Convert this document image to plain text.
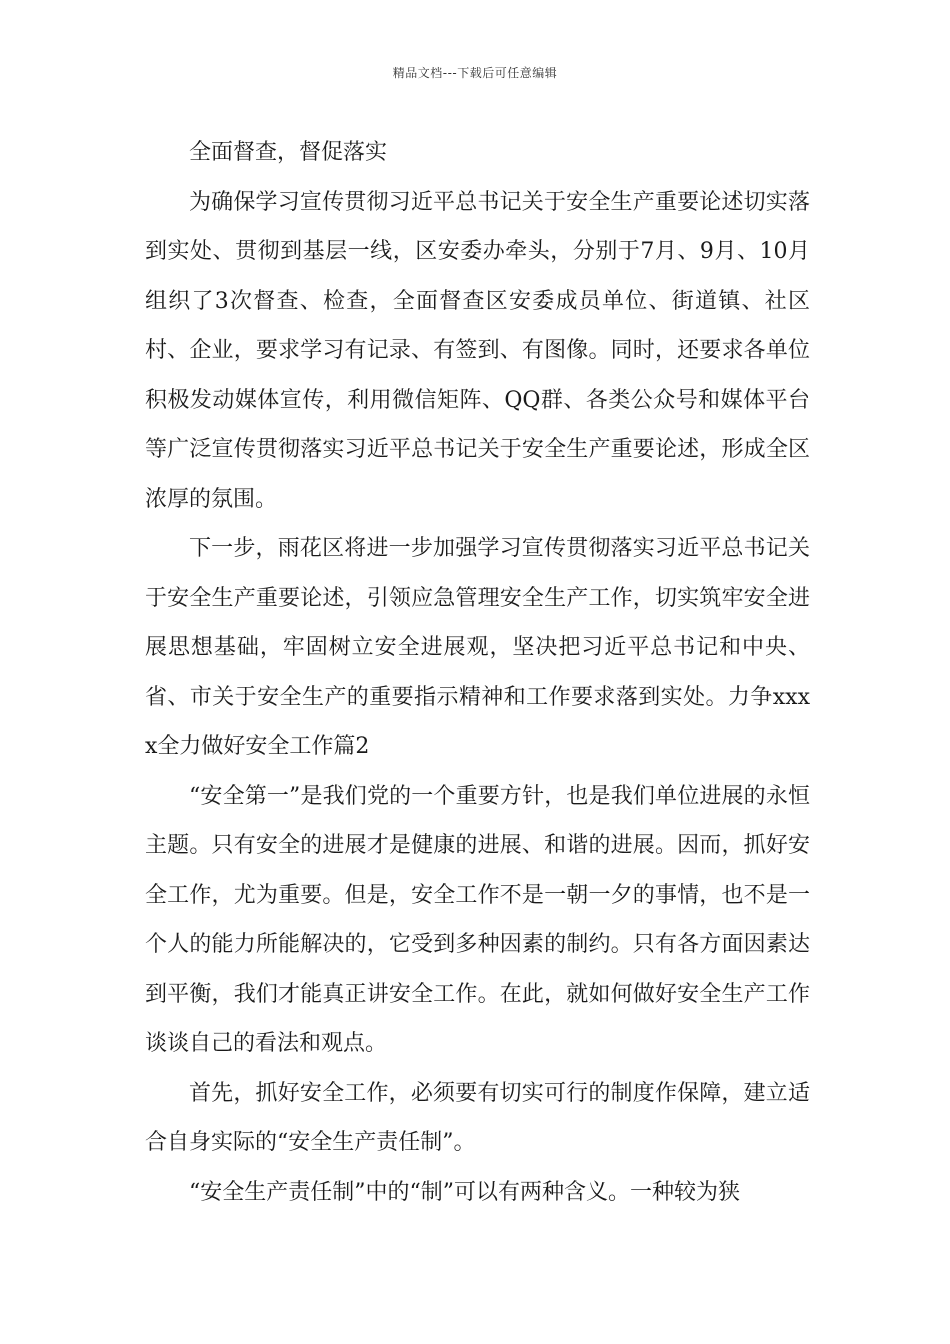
精品文档---下载后可任意编辑

全面督查，督促落实

为确保学习宣传贯彻习近平总书记关于安全生产重要论述切实落到实处、贯彻到基层一线，区安委办牵头，分别于7月、9月、10月组织了3次督查、检查，全面督查区安委成员单位、街道镇、社区村、企业，要求学习有记录、有签到、有图像。同时，还要求各单位积极发动媒体宣传，利用微信矩阵、QQ群、各类公众号和媒体平台等广泛宣传贯彻落实习近平总书记关于安全生产重要论述，形成全区浓厚的氛围。

下一步，雨花区将进一步加强学习宣传贯彻落实习近平总书记关于安全生产重要论述，引领应急管理安全生产工作，切实筑牢安全进展思想基础，牢固树立安全进展观，坚决把习近平总书记和中央、省、市关于安全生产的重要指示精神和工作要求落到实处。力争xxxx全力做好安全工作篇2

“安全第一”是我们党的一个重要方针，也是我们单位进展的永恒主题。只有安全的进展才是健康的进展、和谐的进展。因而，抓好安全工作，尤为重要。但是，安全工作不是一朝一夕的事情，也不是一个人的能力所能解决的，它受到多种因素的制约。只有各方面因素达到平衡，我们才能真正讲安全工作。在此，就如何做好安全生产工作谈谈自己的看法和观点。

首先，抓好安全工作，必须要有切实可行的制度作保障，建立适合自身实际的“安全生产责任制”。

“安全生产责任制”中的“制”可以有两种含义。一种较为狭
